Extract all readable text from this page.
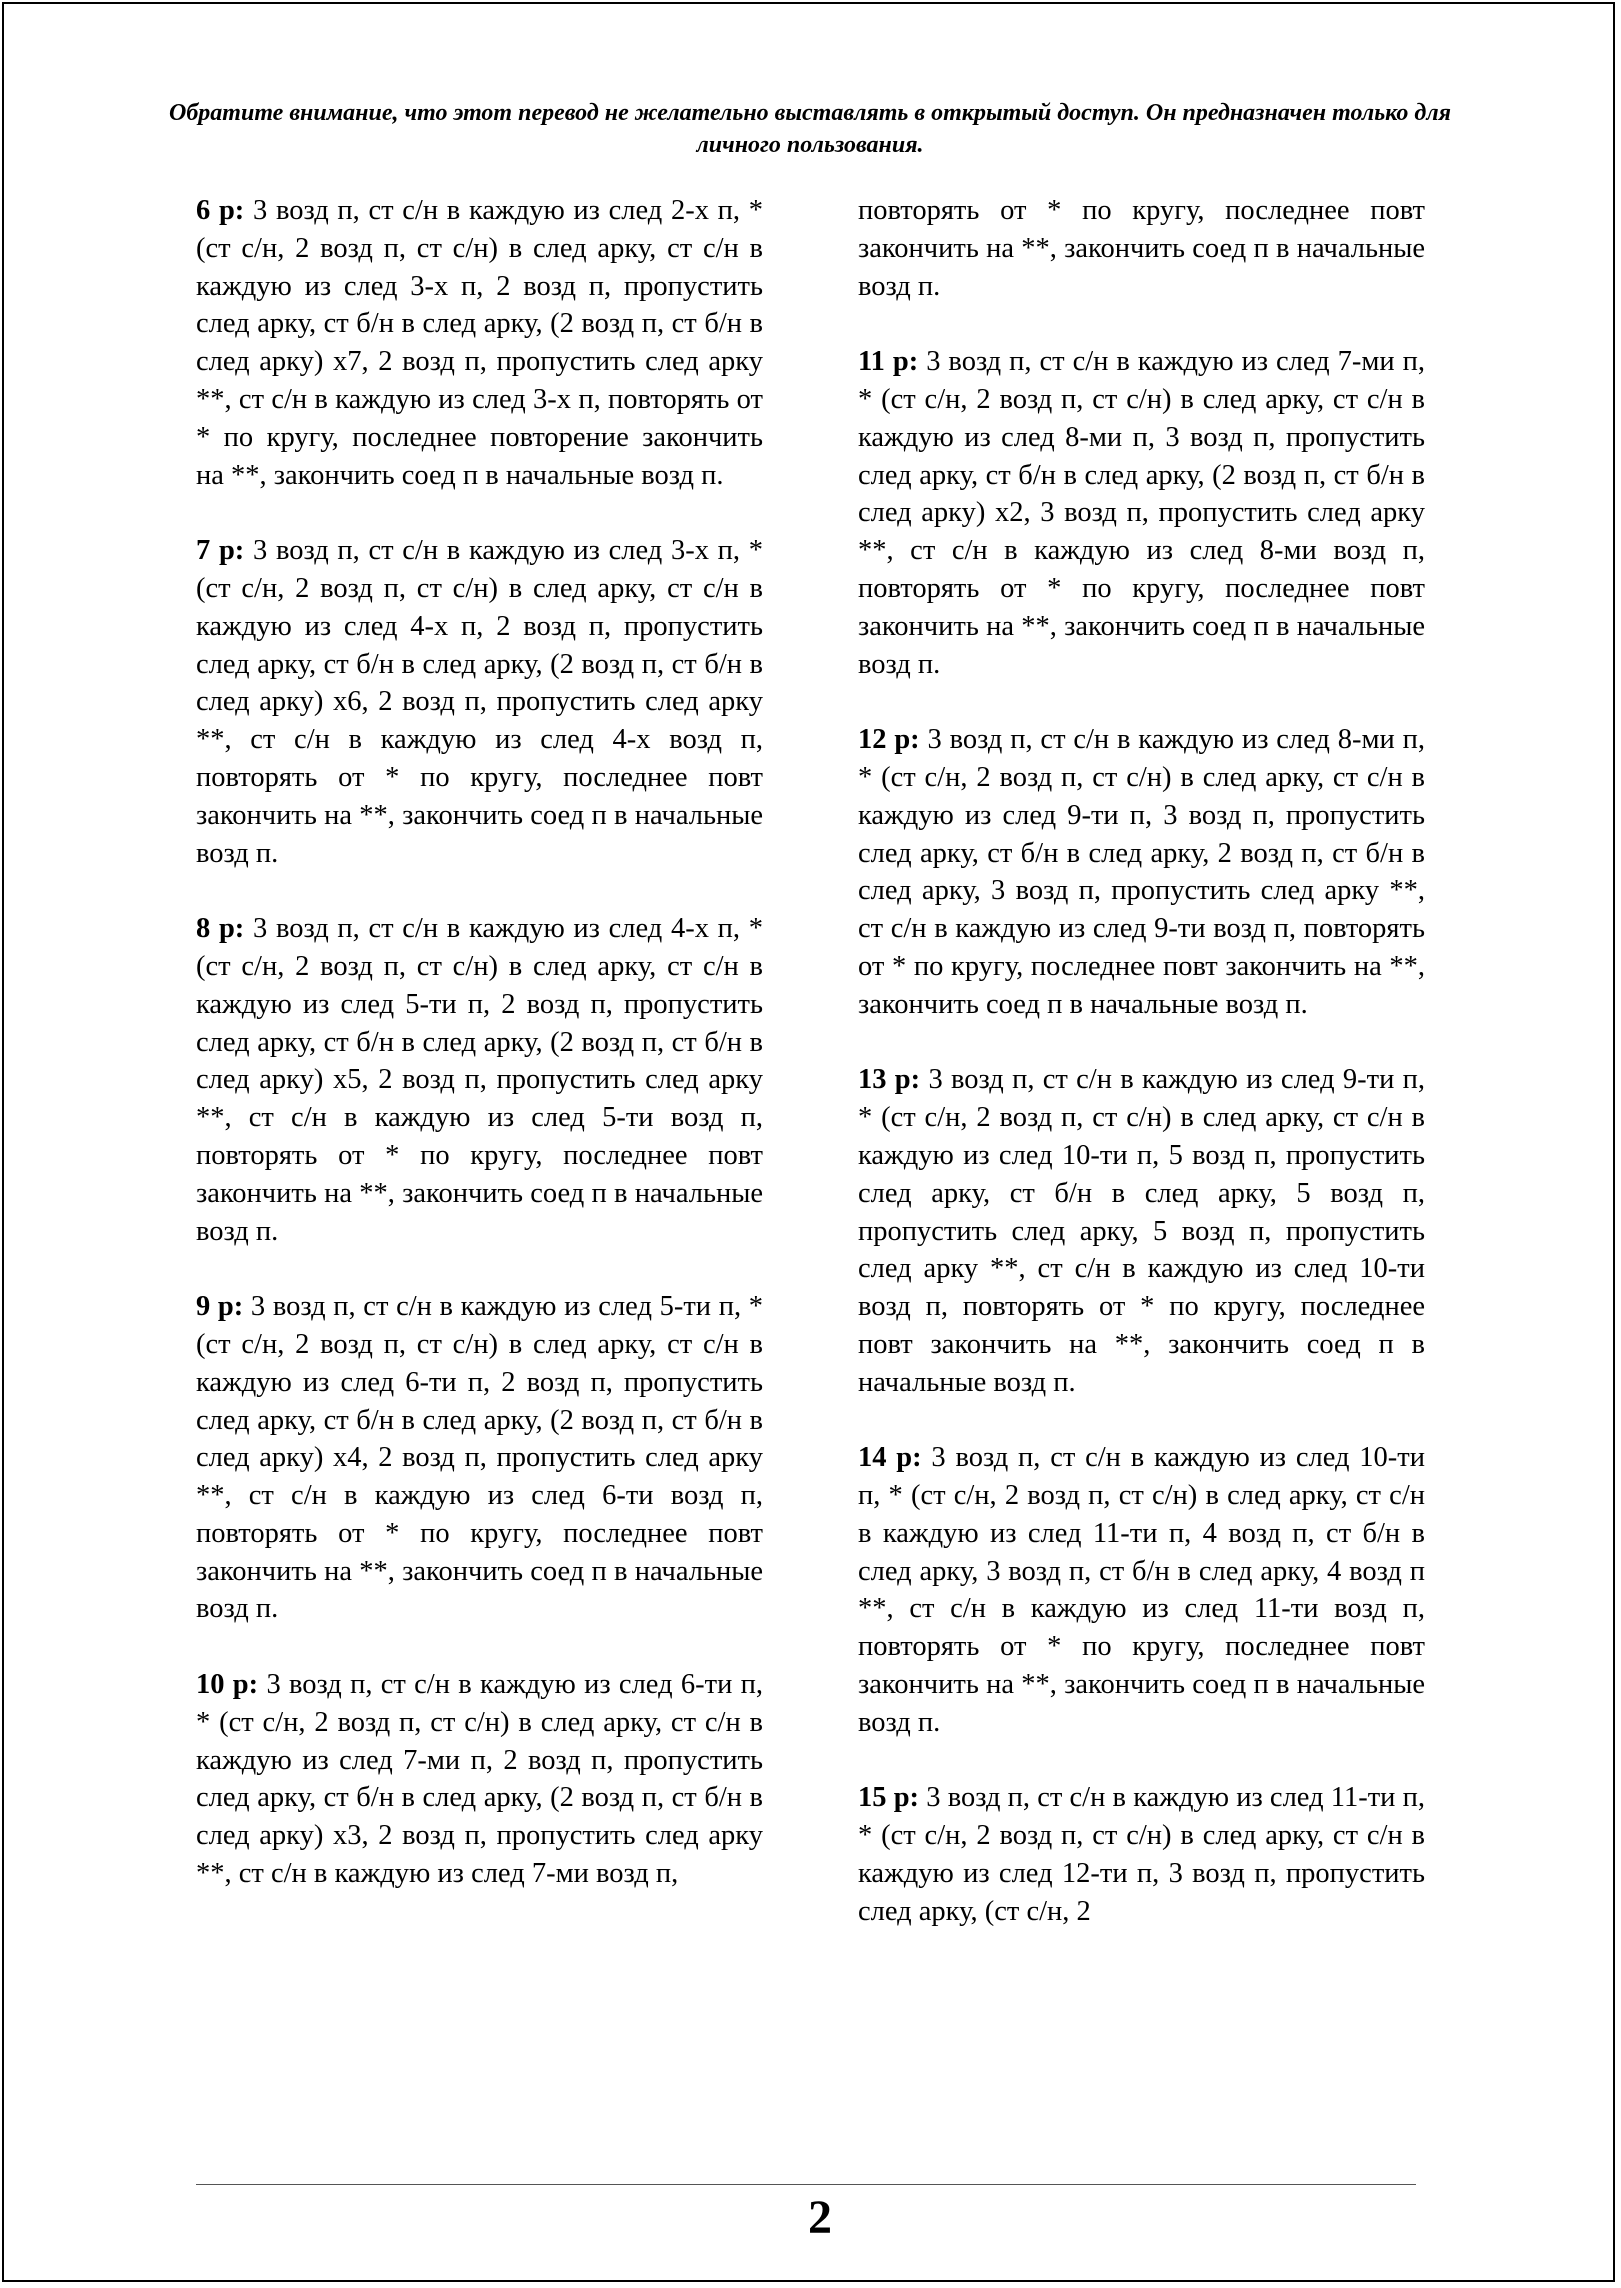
Обратите внимание, что этот перевод не желательно выставлять в открытый доступ. Он предназначен только для личного пользования.

6 р: 3 возд п, ст с/н в каждую из след 2-х п, * (ст с/н, 2 возд п, ст с/н) в след арку, ст с/н в каждую из след 3-х п, 2 возд п, пропустить след арку, ст б/н в след арку, (2 возд п, ст б/н в след арку) х7, 2 возд п, пропустить след арку **, ст с/н в каждую из след 3-х п, повторять от * по кругу, последнее повторение закончить на **, закончить соед п в начальные возд п.

7 р: 3 возд п, ст с/н в каждую из след 3-х п, * (ст с/н, 2 возд п, ст с/н) в след арку, ст с/н в каждую из след 4-х п, 2 возд п, пропустить след арку, ст б/н в след арку, (2 возд п, ст б/н в след арку) х6, 2 возд п, пропустить след арку **, ст с/н в каждую из след 4-х возд п, повторять от * по кругу, последнее повт закончить на **, закончить соед п в начальные возд п.

8 р: 3 возд п, ст с/н в каждую из след 4-х п, * (ст с/н, 2 возд п, ст с/н) в след арку, ст с/н в каждую из след 5-ти п, 2 возд п, пропустить след арку, ст б/н в след арку, (2 возд п, ст б/н в след арку) х5, 2 возд п, пропустить след арку **, ст с/н в каждую из след 5-ти возд п, повторять от * по кругу, последнее повт закончить на **, закончить соед п в начальные возд п.

9 р: 3 возд п, ст с/н в каждую из след 5-ти п, * (ст с/н, 2 возд п, ст с/н) в след арку, ст с/н в каждую из след 6-ти п, 2 возд п, пропустить след арку, ст б/н в след арку, (2 возд п, ст б/н в след арку) х4, 2 возд п, пропустить след арку **, ст с/н в каждую из след 6-ти возд п, повторять от * по кругу, последнее повт закончить на **, закончить соед п в начальные возд п.

10 р: 3 возд п, ст с/н в каждую из след 6-ти п, * (ст с/н, 2 возд п, ст с/н) в след арку, ст с/н в каждую из след 7-ми п, 2 возд п, пропустить след арку, ст б/н в след арку, (2 возд п, ст б/н в след арку) х3, 2 возд п, пропустить след арку **, ст с/н в каждую из след 7-ми возд п,

повторять от * по кругу, последнее повт закончить на **, закончить соед п в начальные возд п.

11 р: 3 возд п, ст с/н в каждую из след 7-ми п, * (ст с/н, 2 возд п, ст с/н) в след арку, ст с/н в каждую из след 8-ми п, 3 возд п, пропустить след арку, ст б/н в след арку, (2 возд п, ст б/н в след арку) х2, 3 возд п, пропустить след арку **, ст с/н в каждую из след 8-ми возд п, повторять от * по кругу, последнее повт закончить на **, закончить соед п в начальные возд п.

12 р: 3 возд п, ст с/н в каждую из след 8-ми п, * (ст с/н, 2 возд п, ст с/н) в след арку, ст с/н в каждую из след 9-ти п, 3 возд п, пропустить след арку, ст б/н в след арку, 2 возд п, ст б/н в след арку, 3 возд п, пропустить след арку **, ст с/н в каждую из след 9-ти возд п, повторять от * по кругу, последнее повт закончить на **, закончить соед п в начальные возд п.

13 р: 3 возд п, ст с/н в каждую из след 9-ти п, * (ст с/н, 2 возд п, ст с/н) в след арку, ст с/н в каждую из след 10-ти п, 5 возд п, пропустить след арку, ст б/н в след арку, 5 возд п, пропустить след арку, 5 возд п, пропустить след арку **, ст с/н в каждую из след 10-ти возд п, повторять от * по кругу, последнее повт закончить на **, закончить соед п в начальные возд п.

14 р: 3 возд п, ст с/н в каждую из след 10-ти п, * (ст с/н, 2 возд п, ст с/н) в след арку, ст с/н в каждую из след 11-ти п, 4 возд п, ст б/н в след арку, 3 возд п, ст б/н в след арку, 4 возд п **, ст с/н в каждую из след 11-ти возд п, повторять от * по кругу, последнее повт закончить на **, закончить соед п в начальные возд п.

15 р: 3 возд п, ст с/н в каждую из след 11-ти п, * (ст с/н, 2 возд п, ст с/н) в след арку, ст с/н в каждую из след 12-ти п, 3 возд п, пропустить след арку, (ст с/н, 2

2
